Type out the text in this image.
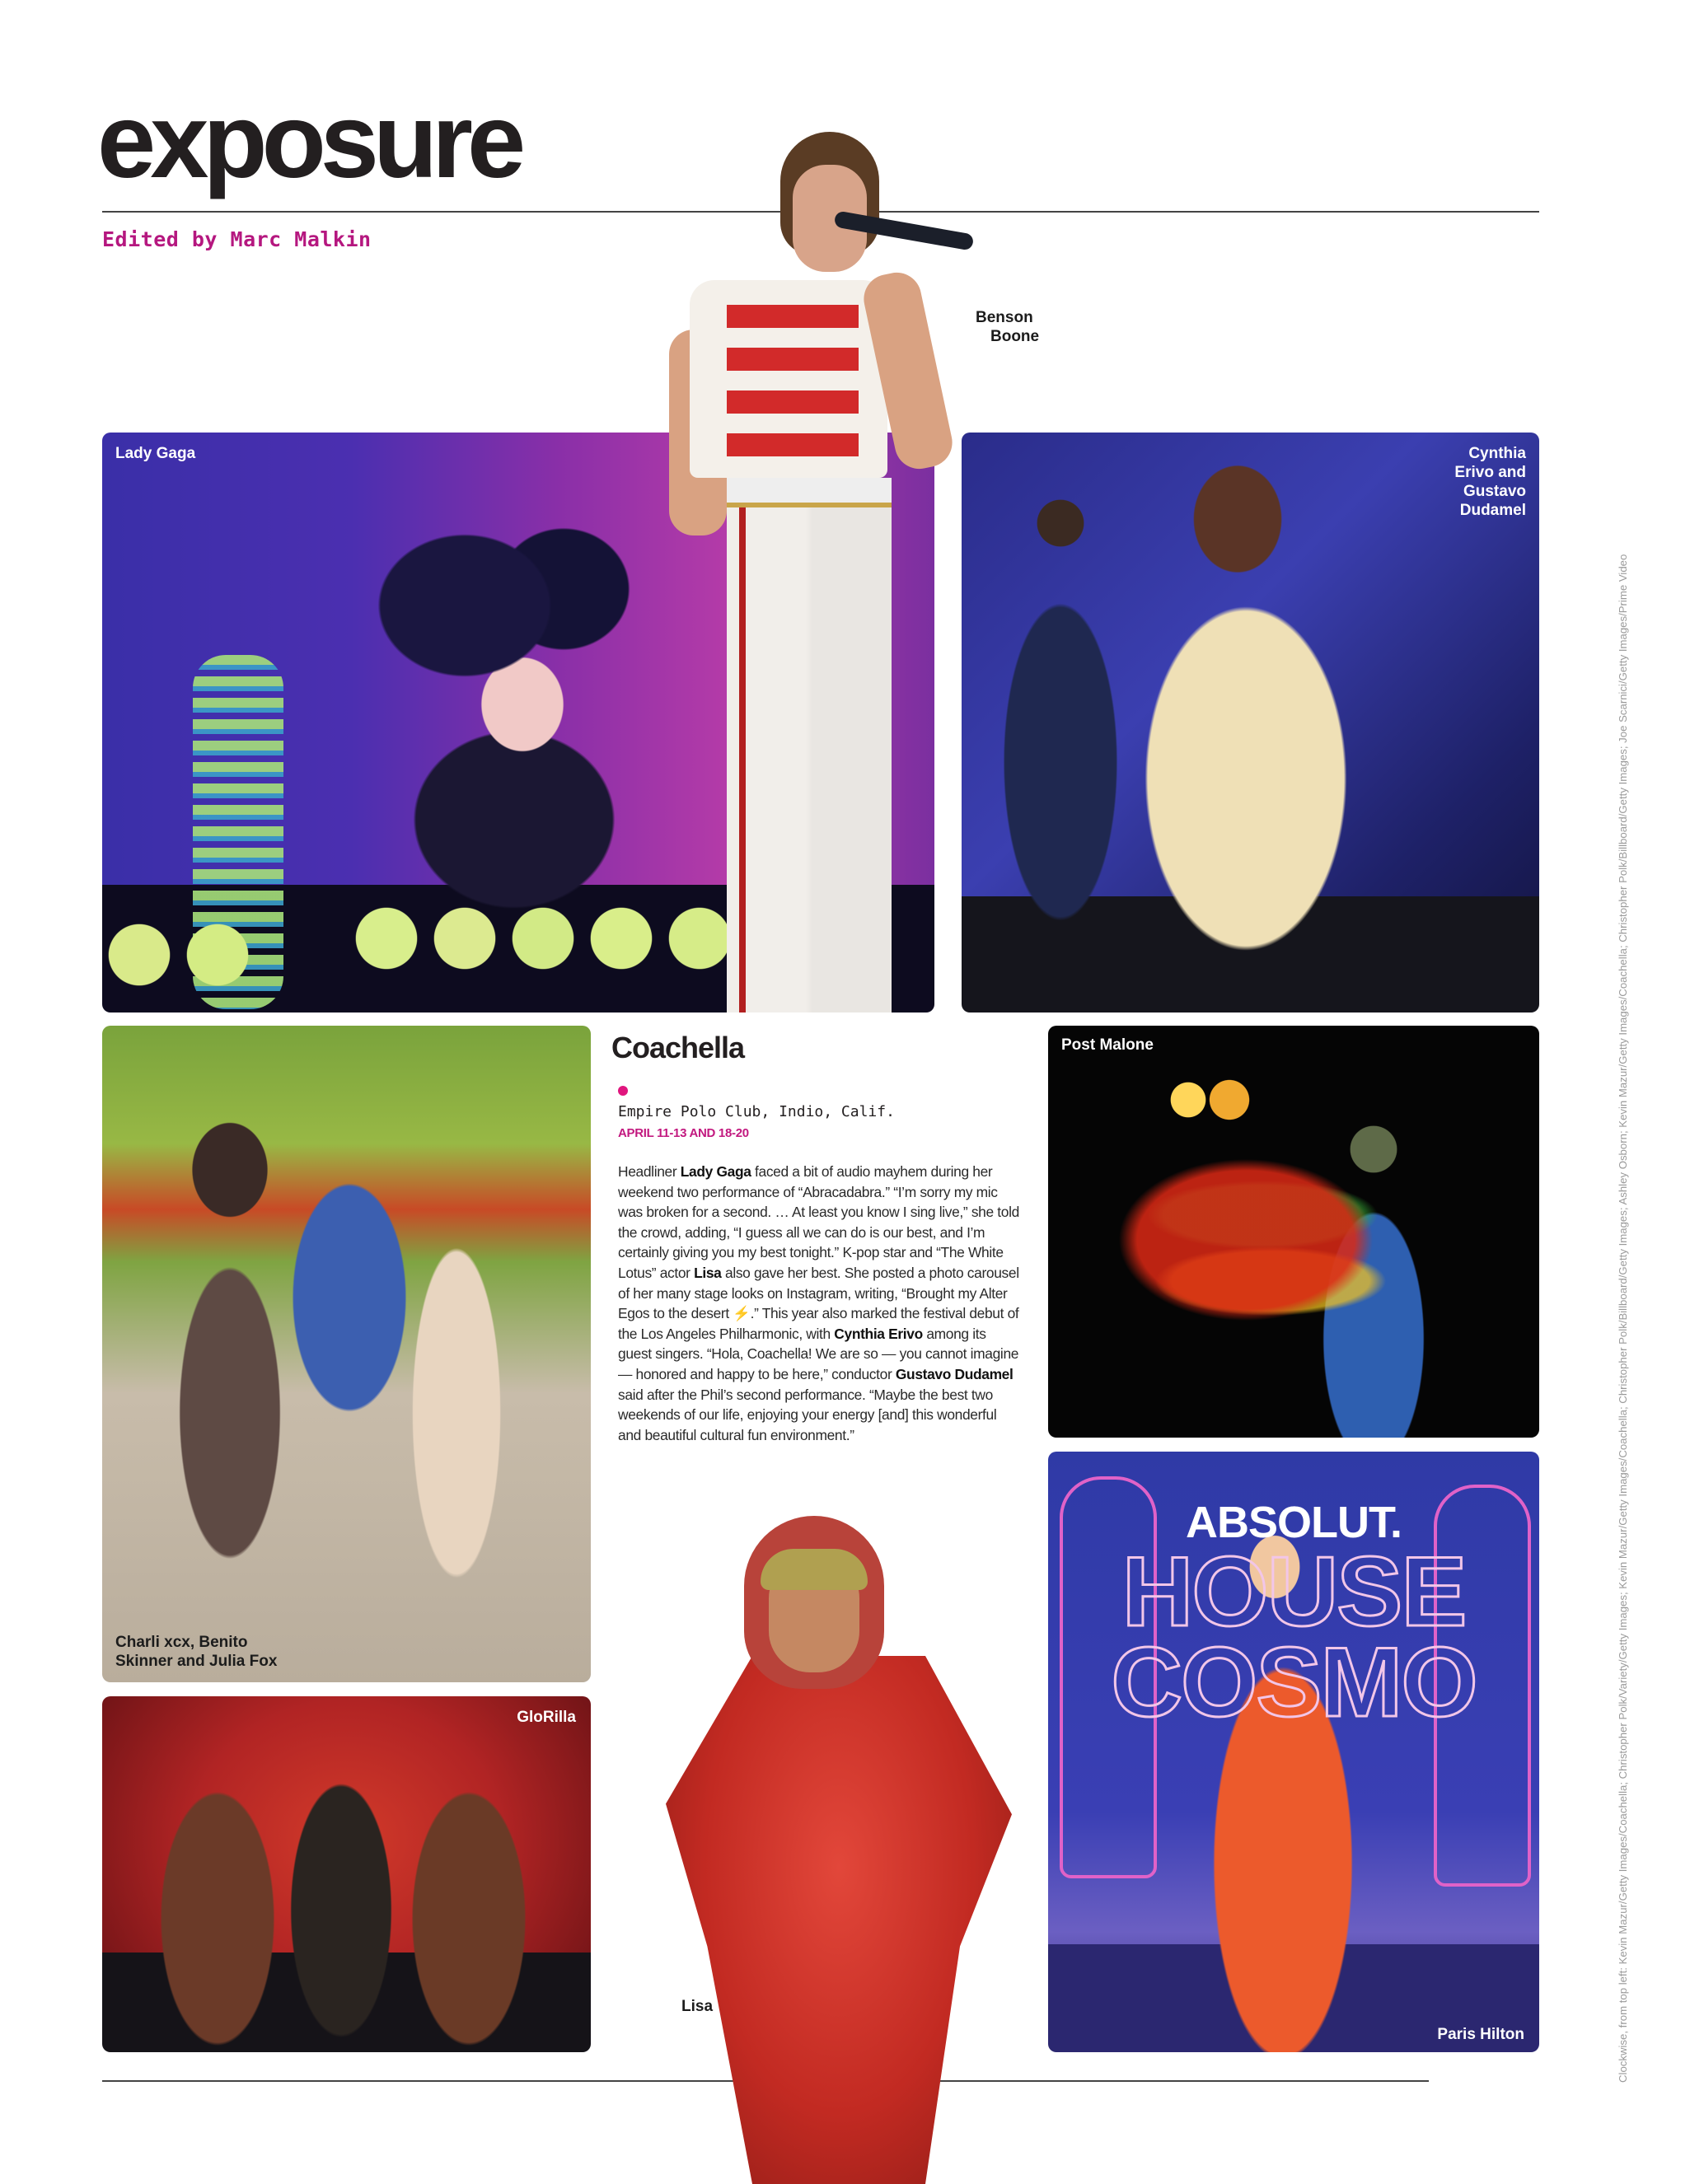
exposure
Edited by Marc Malkin
Lady Gaga	Cynthia
Erivo and
Gustavo
Dudamel
Benson
Boone
Charli xcx, Benito
Skinner and Julia Fox
GloRilla
Coachella
Empire Polo Club, Indio, Calif.
APRIL 11-13 AND 18-20
Headliner Lady Gaga faced a bit of audio mayhem during her weekend two performance of “Abracadabra.” “I’m sorry my mic was broken for a second. … At least you know I sing live,” she told the crowd, adding, “I guess all we can do is our best, and I’m certainly giving you my best tonight.” K-pop star and “The White Lotus” actor Lisa also gave her best. She posted a photo carousel of her many stage looks on Instagram, writing, “Brought my Alter Egos to the desert ⚡.” This year also marked the festival debut of the Los Angeles Philharmonic, with Cynthia Erivo among its guest singers. “Hola, Coachella! We are so — you cannot imagine — honored and happy to be here,” conductor Gustavo Dudamel said after the Phil’s second performance. “Maybe the best two weekends of our life, enjoying your energy [and] this wonderful and beautiful cultural fun environment.”
Post Malone
ABSOLUT.
HOUSE
COSMO
Paris Hilton
Lisa	Clockwise, from top left: Kevin Mazur/Getty Images/Coachella; Christopher Polk/Variety/Getty Images; Kevin Mazur/Getty Images/Coachella; Christopher Polk/Billboard/Getty Images; Ashley Osborn; Kevin Mazur/Getty Images/Coachella; Christopher Polk/Billboard/Getty Images; Joe Scarnici/Getty Images/Prime Video
